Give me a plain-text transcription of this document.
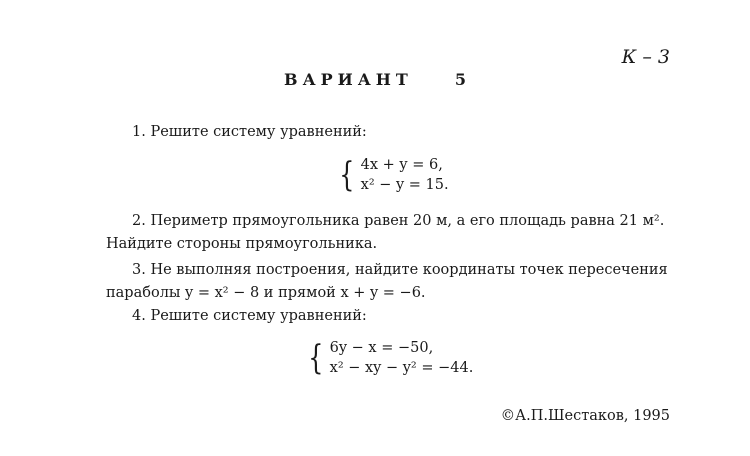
К – 3
ВАРИАНТ	5
1. Решите систему уравнений:
{ 4x + y = 6,
x² − y = 15.
2. Периметр прямоугольника равен 20 м, а его площадь равна 21 м².
Найдите стороны прямоугольника.
3. Не выполняя построения, найдите координаты точек пересечения
параболы y = x² − 8 и прямой x + y = −6.
4. Решите систему уравнений:
{ 6y − x = −50,
x² − xy − y² = −44.
©А.П.Шестаков, 1995
